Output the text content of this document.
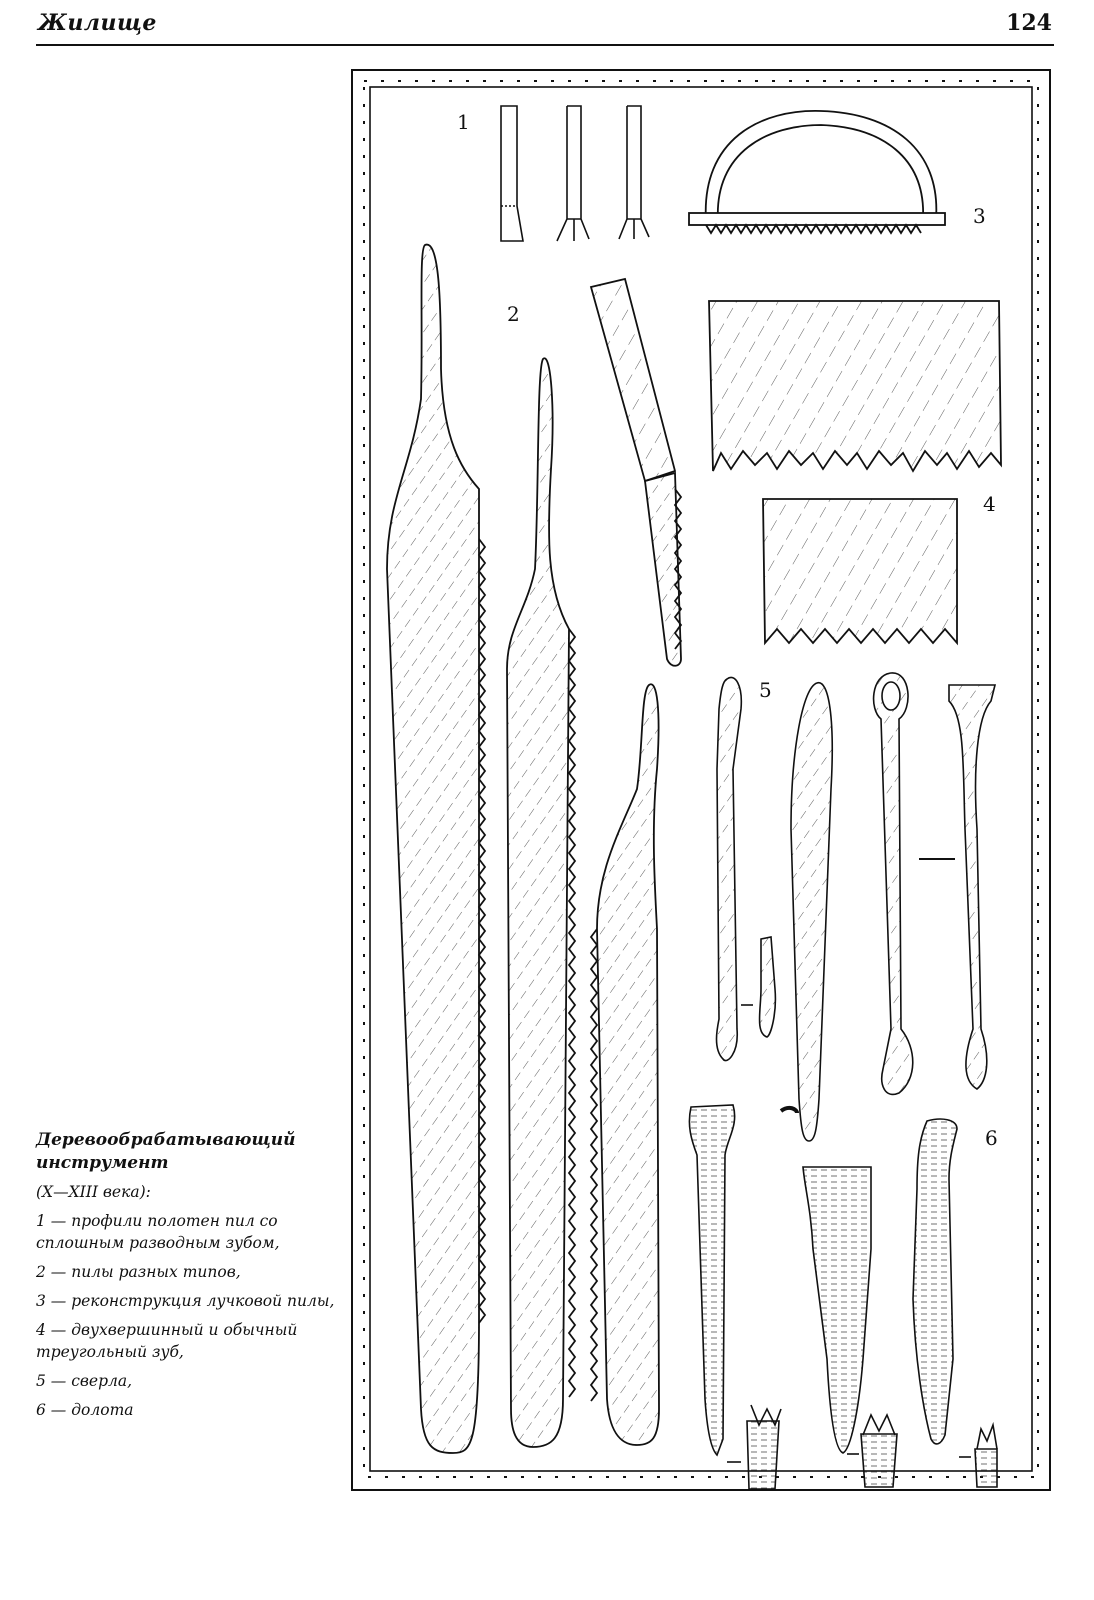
Жилище	124
Деревообрабатывающий инструмент
(X—XIII века):
1 — профили полотен пил со сплошным разводным зубом,
2 — пилы разных типов,
3 — реконструкция лучковой пилы,
4 — двухвершинный и обычный треугольный зуб,
5 — сверла,
6 — долота
1
2
3
4
5
6
